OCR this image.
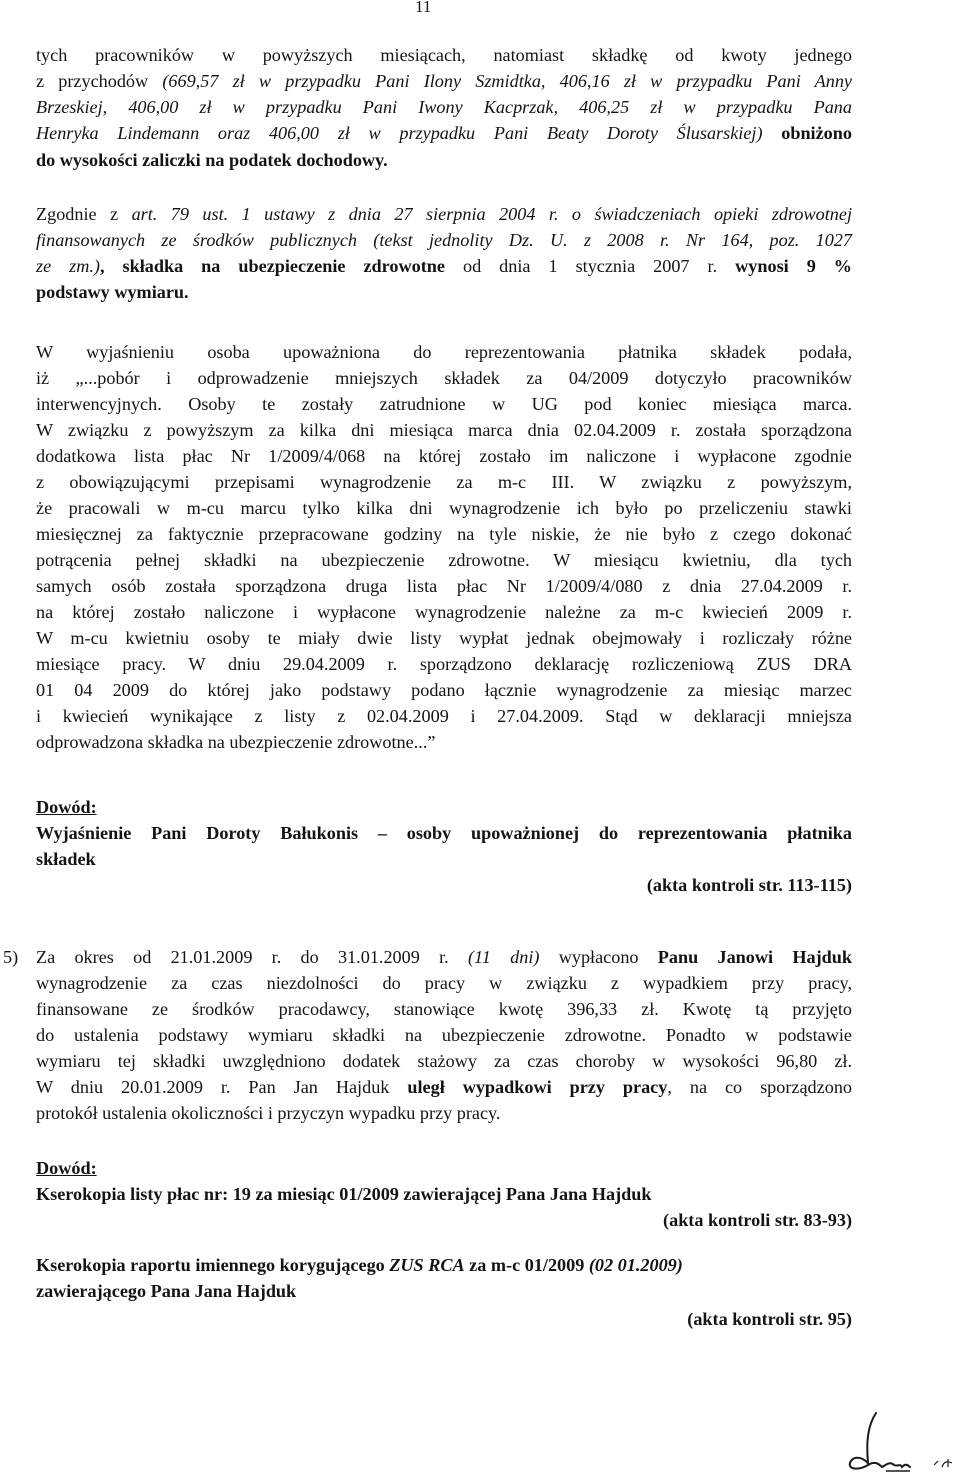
11
tych pracowników w powyższych miesiącach, natomiast składkę od kwoty jednego
z przychodów (669,57 zł w przypadku Pani Ilony Szmidtka, 406,16 zł w przypadku Pani Anny
Brzeskiej, 406,00 zł w przypadku Pani Iwony Kacprzak, 406,25 zł w przypadku Pana
Henryka Lindemann oraz 406,00 zł w przypadku Pani Beaty Doroty Ślusarskiej) obniżono
do wysokości zaliczki na podatek dochodowy.
Zgodnie z art. 79 ust. 1 ustawy z dnia 27 sierpnia 2004 r. o świadczeniach opieki zdrowotnej
finansowanych ze środków publicznych (tekst jednolity Dz. U. z 2008 r. Nr 164, poz. 1027
ze zm.), składka na ubezpieczenie zdrowotne od dnia 1 stycznia 2007 r. wynosi 9 %
podstawy wymiaru.
W wyjaśnieniu osoba upoważniona do reprezentowania płatnika składek podała,
iż „...pobór i odprowadzenie mniejszych składek za 04/2009 dotyczyło pracowników
interwencyjnych. Osoby te zostały zatrudnione w UG pod koniec miesiąca marca.
W związku z powyższym za kilka dni miesiąca marca dnia 02.04.2009 r. została sporządzona
dodatkowa lista płac Nr 1/2009/4/068 na której zostało im naliczone i wypłacone zgodnie
z obowiązującymi przepisami wynagrodzenie za m-c III. W związku z powyższym,
że pracowali w m-cu marcu tylko kilka dni wynagrodzenie ich było po przeliczeniu stawki
miesięcznej za faktycznie przepracowane godziny na tyle niskie, że nie było z czego dokonać
potrącenia pełnej składki na ubezpieczenie zdrowotne. W miesiącu kwietniu, dla tych
samych osób została sporządzona druga lista płac Nr 1/2009/4/080 z dnia 27.04.2009 r.
na której zostało naliczone i wypłacone wynagrodzenie należne za m-c kwiecień 2009 r.
W m-cu kwietniu osoby te miały dwie listy wypłat jednak obejmowały i rozliczały różne
miesiące pracy. W dniu 29.04.2009 r. sporządzono deklarację rozliczeniową ZUS DRA
01 04 2009 do której jako podstawy podano łącznie wynagrodzenie za miesiąc marzec
i kwiecień wynikające z listy z 02.04.2009 i 27.04.2009. Stąd w deklaracji mniejsza
odprowadzona składka na ubezpieczenie zdrowotne...”
Dowód:
Wyjaśnienie Pani Doroty Bałukonis – osoby upoważnionej do reprezentowania płatnika
składek
(akta kontroli str. 113-115)
5) Za okres od 21.01.2009 r. do 31.01.2009 r. (11 dni) wypłacono Panu Janowi Hajduk
wynagrodzenie za czas niezdolności do pracy w związku z wypadkiem przy pracy,
finansowane ze środków pracodawcy, stanowiące kwotę 396,33 zł. Kwotę tą przyjęto
do ustalenia podstawy wymiaru składki na ubezpieczenie zdrowotne. Ponadto w podstawie
wymiaru tej składki uwzględniono dodatek stażowy za czas choroby w wysokości 96,80 zł.
W dniu 20.01.2009 r. Pan Jan Hajduk uległ wypadkowi przy pracy, na co sporządzono
protokół ustalenia okoliczności i przyczyn wypadku przy pracy.
Dowód:
Kserokopia listy płac nr: 19 za miesiąc 01/2009 zawierającej Pana Jana Hajduk
(akta kontroli str. 83-93)
Kserokopia raportu imiennego korygującego ZUS RCA za m-c 01/2009 (02 01.2009)
zawierającego Pana Jana Hajduk
(akta kontroli str. 95)
